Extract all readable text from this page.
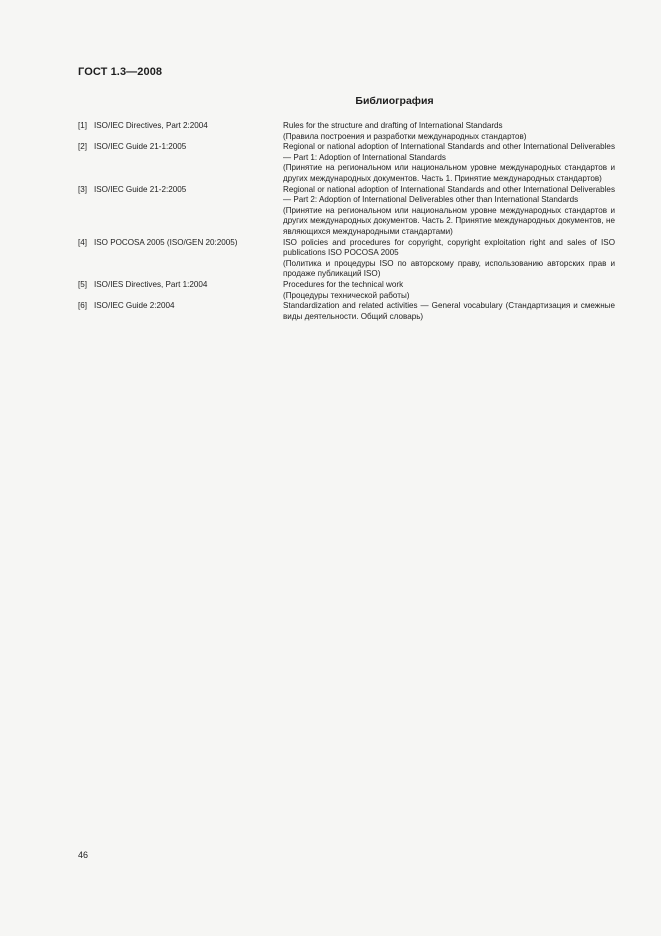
ГОСТ 1.3—2008
Библиография
[1] ISO/IEC Directives, Part 2:2004	Rules for the structure and drafting of International Standards

(Правила построения и разработки международных стандартов)

[2] ISO/IEC Guide 21-1:2005	Regional or national adoption of International Standards and other International Deliverables — Part 1: Adoption of International Standards

(Принятие на региональном или национальном уровне международных стандартов и других международных документов. Часть 1. Принятие международных стандартов)

[3] ISO/IEC Guide 21-2:2005	Regional or national adoption of International Standards and other International Deliverables — Part 2: Adoption of International Deliverables other than International Standards

(Принятие на региональном или национальном уровне международных стандартов и других международных документов. Часть 2. Принятие международных документов, не являющихся международными стандартами)

[4] ISO POCOSA 2005 (ISO/GEN 20:2005)	ISO policies and procedures for copyright, copyright exploitation right and sales of ISO publications ISO POCOSA 2005

(Политика и процедуры ISO по авторскому праву, использованию авторских прав и продаже публикаций ISO)

[5] ISO/IES Directives, Part 1:2004	Procedures for the technical work

(Процедуры технической работы)

[6] ISO/IEC Guide 2:2004	Standardization and related activities — General vocabulary (Стандартизация и смежные виды деятельности. Общий словарь)

46
